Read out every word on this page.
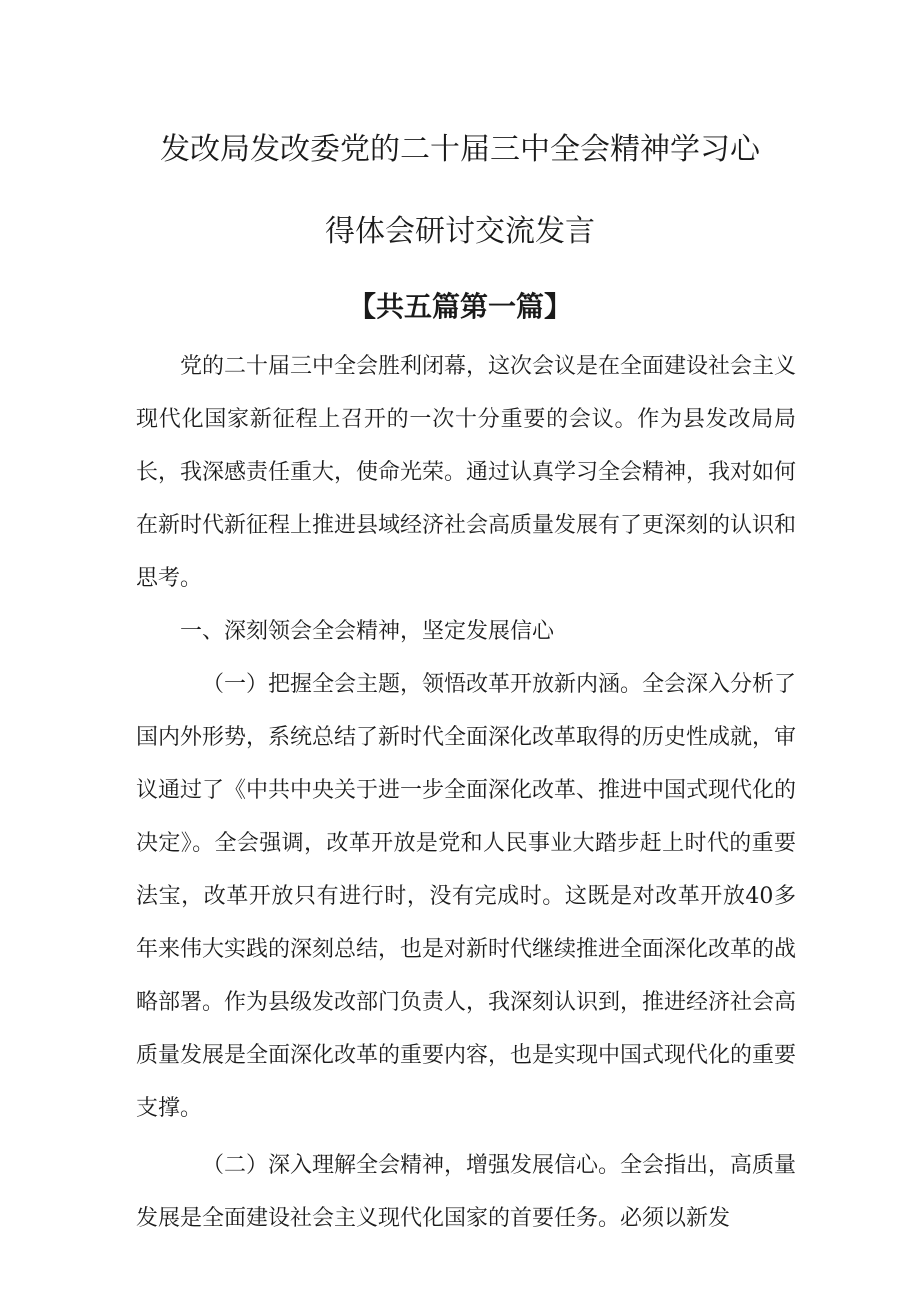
发改局发改委党的二十届三中全会精神学习心
得体会研讨交流发言
【共五篇第一篇】

党的二十届三中全会胜利闭幕，这次会议是在全面建设社会主义现代化国家新征程上召开的一次十分重要的会议。作为县发改局局长，我深感责任重大，使命光荣。通过认真学习全会精神，我对如何在新时代新征程上推进县域经济社会高质量发展有了更深刻的认识和思考。

一、深刻领会全会精神，坚定发展信心

（一）把握全会主题，领悟改革开放新内涵。全会深入分析了国内外形势，系统总结了新时代全面深化改革取得的历史性成就，审议通过了《中共中央关于进一步全面深化改革、推进中国式现代化的决定》。全会强调，改革开放是党和人民事业大踏步赶上时代的重要法宝，改革开放只有进行时，没有完成时。这既是对改革开放40多年来伟大实践的深刻总结，也是对新时代继续推进全面深化改革的战略部署。作为县级发改部门负责人，我深刻认识到，推进经济社会高质量发展是全面深化改革的重要内容，也是实现中国式现代化的重要支撑。

（二）深入理解全会精神，增强发展信心。全会指出，高质量发展是全面建设社会主义现代化国家的首要任务。必须以新发
